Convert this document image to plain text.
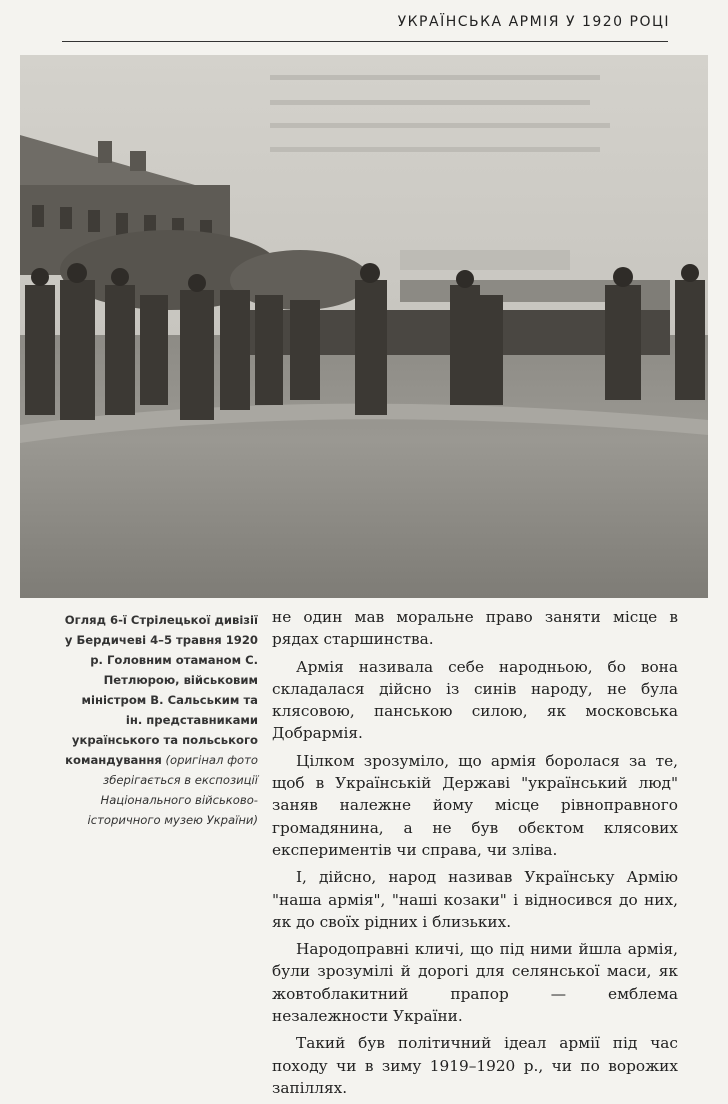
УКРАЇНСЬКА АРМІЯ У 1920 РОЦІ
Огляд 6-ї Стрілецької дивізії у Бердичеві 4–5 травня 1920 р. Головним отаманом С. Петлюрою, військовим міністром В. Сальським та ін. представниками українського та польського командування (оригінал фото зберігається в експозиції Національного військово-історичного музею України)

не один мав моральне право заняти місце в рядах старшинства.

Армія називала себе народньою, бо вона складалася дійсно із синів народу, не була клясовою, панською силою, як московська Добрармія.

Цілком зрозуміло, що армія боролася за те, щоб в Українській Державі "український люд" заняв належне йому місце рівноправного громадянина, а не був обєктом клясових експериментів чи справа, чи зліва.

І, дійсно, народ називав Українську Армію "наша армія", "наші козаки" і відносився до них, як до своїх рідних і близьких.

Народоправні кличі, що під ними йшла армія, були зрозумілі й дорогі для селянської маси, як жовтоблакитний прапор — емблема незалежности України.

Такий був політичний ідеал армії під час походу чи в зиму 1919–1920 р., чи по ворожих запіллях.
